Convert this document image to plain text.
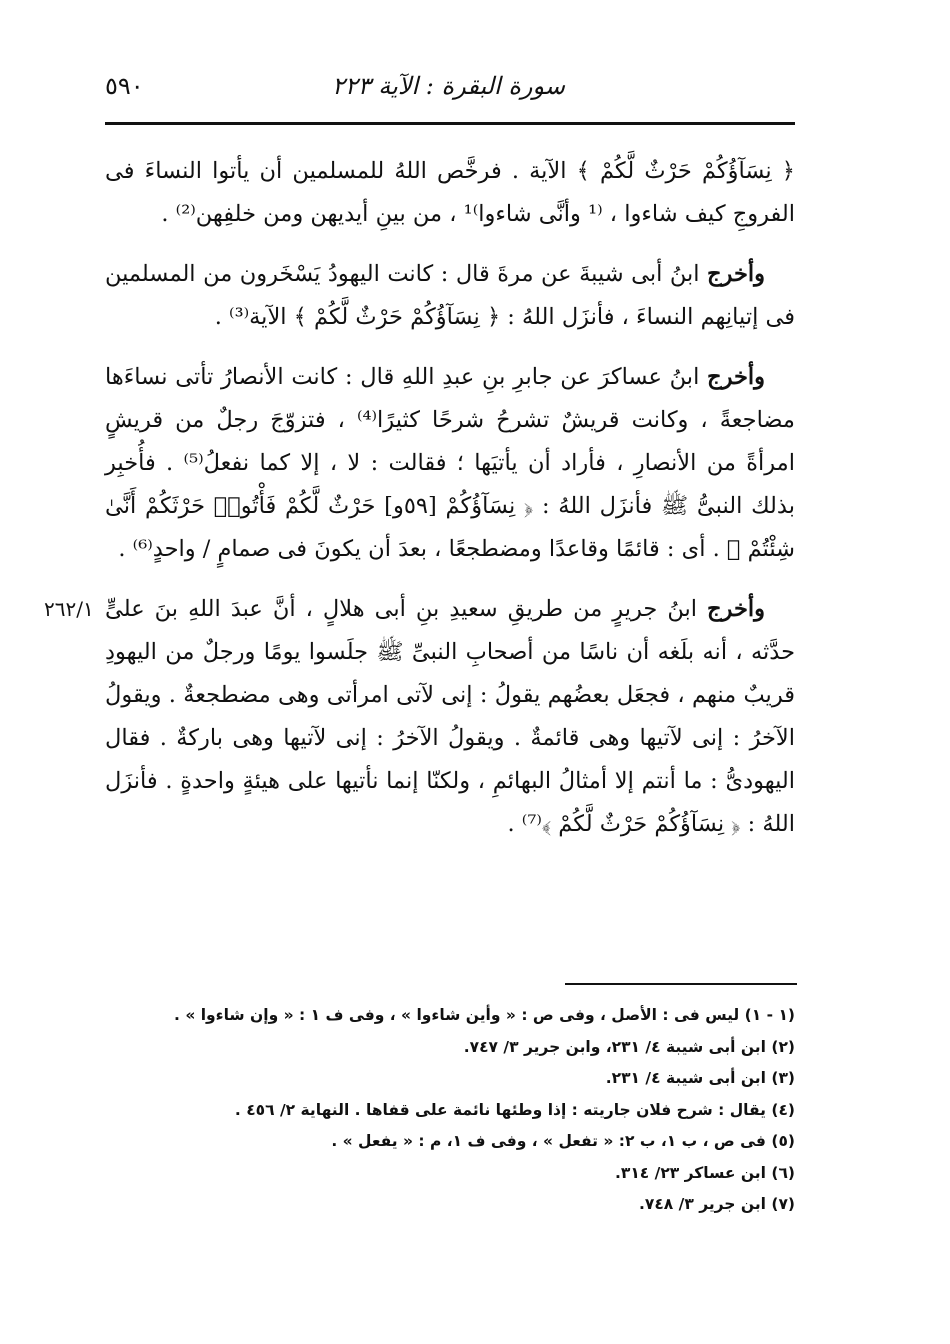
٥٩٠	سورة البقرة : الآية ٢٢٣

﴿ نِسَآؤُكُمْ حَرْثٌ لَّكُمْ ﴾ الآية . فرخَّص اللهُ للمسلمين أن يأتوا النساءَ فى الفروجِ كيف شاءوا ، ⁽¹ وأنَّى شاءوا⁾¹ ، من بينِ أيديهن ومن خلفِهن⁽²⁾ .

وأخرج ابنُ أبى شيبةَ عن مرةَ قال : كانت اليهودُ يَسْخَرون من المسلمين فى إتيانِهم النساءَ ، فأنزَل اللهُ : ﴿ نِسَآؤُكُمْ حَرْثٌ لَّكُمْ ﴾ الآية⁽³⁾ .

وأخرج ابنُ عساكرَ عن جابرِ بنِ عبدِ اللهِ قال : كانت الأنصارُ تأتى نساءَها مضاجعةً ، وكانت قريشٌ تشرحُ شرحًا كثيرًا⁽⁴⁾ ، فتزوّجَ رجلٌ من قريشٍ امرأةً من الأنصارِ ، فأراد أن يأتيَها ؛ فقالت : لا ، إلا كما نفعلُ⁽⁵⁾ . فأُخبِر بذلك النبىُّ ﷺ فأنزَل اللهُ : ﴿ نِسَآؤُكُمْ [٥٩و] حَرْثٌ لَّكُمْ فَأْتُوا۟ حَرْثَكُمْ أَنَّىٰ شِئْتُمْ ﴾ . أى : قائمًا وقاعدًا ومضطجعًا ، بعدَ أن يكونَ فى صمامٍ / واحدٍ⁽⁶⁾ .

وأخرج ابنُ جريرٍ من طريقِ سعيدِ بنِ أبى هلالٍ ، أنَّ عبدَ اللهِ بنَ علىٍّ حدَّثه ، أنه بلَغه أن ناسًا من أصحابِ النبىِّ ﷺ جلَسوا يومًا ورجلٌ من اليهودِ قريبٌ منهم ، فجعَل بعضُهم يقولُ : إنى لآتى امرأتى وهى مضطجعةٌ . ويقولُ الآخرُ : إنى لآتيها وهى قائمةٌ . ويقولُ الآخرُ : إنى لآتيها وهى باركةٌ . فقال اليهودىُّ : ما أنتم إلا أمثالُ البهائمِ ، ولكنّا إنما نأتيها على هيئةٍ واحدةٍ . فأنزَل اللهُ : ﴿ نِسَآؤُكُمْ حَرْثٌ لَّكُمْ ﴾⁽⁷⁾ .

٢٦٢/١

(١ - ١) ليس فى : الأصل ، وفى ص : « وأين شاءوا » ، وفى ف ١ : « وإن شاءوا » .

(٢) ابن أبى شيبة ٤/ ٢٣١، وابن جرير ٣/ ٧٤٧.

(٣) ابن أبى شيبة ٤/ ٢٣١.

(٤) يقال : شرح فلان جاريته : إذا وطئها نائمة على قفاها . النهاية ٢/ ٤٥٦ .

(٥) فى ص ، ب ١، ب ٢: « تفعل » ، وفى ف ١، م : « يفعل » .

(٦) ابن عساكر ٢٣/ ٣١٤.

(٧) ابن جرير ٣/ ٧٤٨.
